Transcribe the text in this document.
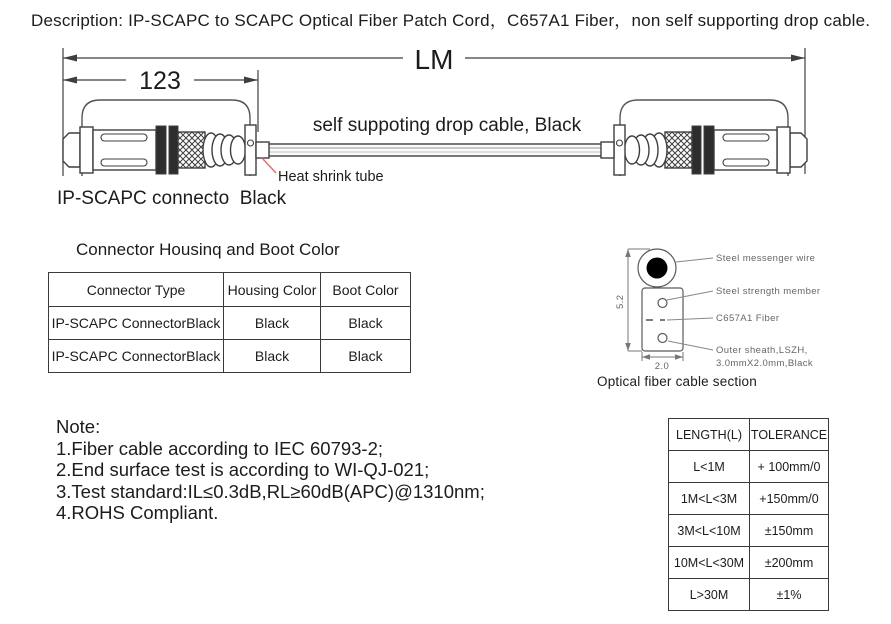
Description: IP-SCAPC to SCAPC Optical Fiber Patch Cord，C657A1 Fiber，non self supporting drop cable.
LM
123
self suppoting drop cable, Black
Heat shrink tube
IP-SCAPC connecto  Black
Connector Housinq and Boot Color
Connector Type	Housing Color	Boot Color
IP-SCAPC ConnectorBlack	Black	Black
IP-SCAPC ConnectorBlack	Black	Black
5.2
2.0
Steel messenger wire
Steel strength member
C657A1 Fiber
Outer sheath,LSZH,
3.0mmX2.0mm,Black
Optical fiber cable section
Note:
1.Fiber cable according to IEC 60793-2;
2.End surface test is according to WI-QJ-021;
3.Test standard:IL≤0.3dB,RL≥60dB(APC)@1310nm;
4.ROHS Compliant.
LENGTH(L)	TOLERANCE
L<1M	+ 100mm/0
1M<L<3M	+150mm/0
3M<L<10M	±150mm
10M<L<30M	±200mm
L>30M	±1%
